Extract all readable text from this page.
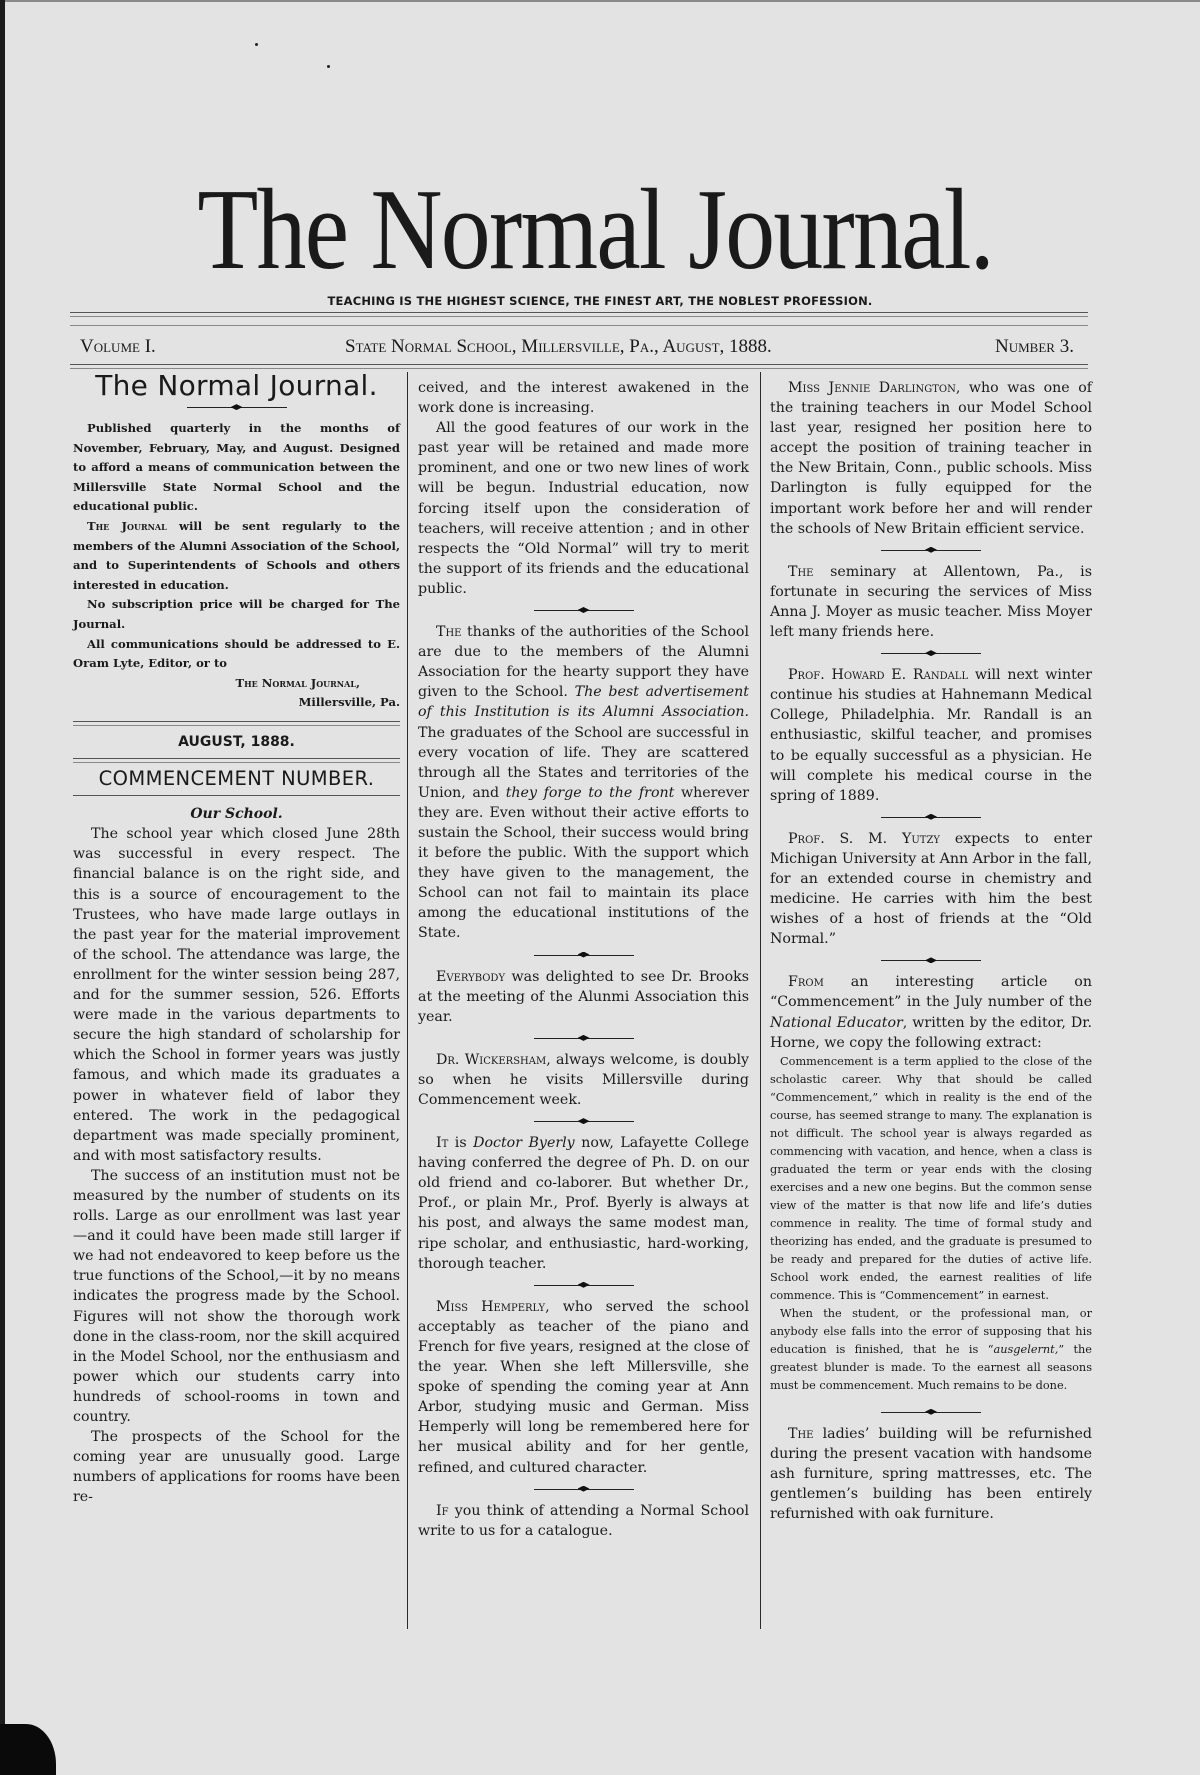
The Normal Journal.
TEACHING IS THE HIGHEST SCIENCE, THE FINEST ART, THE NOBLEST PROFESSION.
Volume I.	State Normal School, Millersville, Pa., August, 1888.	Number 3.
The Normal Journal.

Published quarterly in the months of November, February, May, and August. Designed to afford a means of communication between the Millersville State Normal School and the educational public.

The Journal will be sent regularly to the members of the Alumni Association of the School, and to Superintendents of Schools and others interested in education.

No subscription price will be charged for The Journal.

All communications should be addressed to E. Oram Lyte, Editor, or to

The Normal Journal,
Millersville, Pa.
AUGUST, 1888.
COMMENCEMENT NUMBER.
Our School.

The school year which closed June 28th was successful in every respect. The financial balance is on the right side, and this is a source of encouragement to the Trustees, who have made large outlays in the past year for the material improvement of the school. The attendance was large, the enrollment for the winter session being 287, and for the summer session, 526. Efforts were made in the various departments to secure the high standard of scholarship for which the School in former years was justly famous, and which made its graduates a power in whatever field of labor they entered. The work in the pedagogical department was made specially prominent, and with most satisfactory results.

The success of an institution must not be measured by the number of students on its rolls. Large as our enrollment was last year—and it could have been made still larger if we had not endeavored to keep before us the true functions of the School,—it by no means indicates the progress made by the School. Figures will not show the thorough work done in the class-room, nor the skill acquired in the Model School, nor the enthusiasm and power which our students carry into hundreds of school-rooms in town and country.

The prospects of the School for the coming year are unusually good. Large numbers of applications for rooms have been re-

ceived, and the interest awakened in the work done is increasing.

All the good features of our work in the past year will be retained and made more prominent, and one or two new lines of work will be begun. Industrial education, now forcing itself upon the consideration of teachers, will receive attention ; and in other respects the “Old Normal” will try to merit the support of its friends and the educational public.

The thanks of the authorities of the School are due to the members of the Alumni Association for the hearty support they have given to the School. The best advertisement of this Institution is its Alumni Association. The graduates of the School are successful in every vocation of life. They are scattered through all the States and territories of the Union, and they forge to the front wherever they are. Even without their active efforts to sustain the School, their success would bring it before the public. With the support which they have given to the management, the School can not fail to maintain its place among the educational institutions of the State.

Everybody was delighted to see Dr. Brooks at the meeting of the Alunmi Association this year.

Dr. Wickersham, always welcome, is doubly so when he visits Millersville during Commencement week.

It is Doctor Byerly now, Lafayette College having conferred the degree of Ph. D. on our old friend and co-laborer. But whether Dr., Prof., or plain Mr., Prof. Byerly is always at his post, and always the same modest man, ripe scholar, and enthusiastic, hard-working, thorough teacher.

Miss Hemperly, who served the school acceptably as teacher of the piano and French for five years, resigned at the close of the year. When she left Millersville, she spoke of spending the coming year at Ann Arbor, studying music and German. Miss Hemperly will long be remembered here for her musical ability and for her gentle, refined, and cultured character.

If you think of attending a Normal School write to us for a catalogue.

Miss Jennie Darlington, who was one of the training teachers in our Model School last year, resigned her position here to accept the position of training teacher in the New Britain, Conn., public schools. Miss Darlington is fully equipped for the important work before her and will render the schools of New Britain efficient service.

The seminary at Allentown, Pa., is fortunate in securing the services of Miss Anna J. Moyer as music teacher. Miss Moyer left many friends here.

Prof. Howard E. Randall will next winter continue his studies at Hahnemann Medical College, Philadelphia. Mr. Randall is an enthusiastic, skilful teacher, and promises to be equally successful as a physician. He will complete his medical course in the spring of 1889.

Prof. S. M. Yutzy expects to enter Michigan University at Ann Arbor in the fall, for an extended course in chemistry and medicine. He carries with him the best wishes of a host of friends at the “Old Normal.”

From an interesting article on “Commencement” in the July number of the National Educator, written by the editor, Dr. Horne, we copy the following extract:

Commencement is a term applied to the close of the scholastic career. Why that should be called “Commencement,” which in reality is the end of the course, has seemed strange to many. The explanation is not difficult. The school year is always regarded as commencing with vacation, and hence, when a class is graduated the term or year ends with the closing exercises and a new one begins. But the common sense view of the matter is that now life and life’s duties commence in reality. The time of formal study and theorizing has ended, and the graduate is presumed to be ready and prepared for the duties of active life. School work ended, the earnest realities of life commence. This is “Commencement” in earnest.

When the student, or the professional man, or anybody else falls into the error of supposing that his education is finished, that he is “ausgelernt,” the greatest blunder is made. To the earnest all seasons must be commencement. Much remains to be done.

The ladies’ building will be refurnished during the present vacation with handsome ash furniture, spring mattresses, etc. The gentlemen’s building has been entirely refurnished with oak furniture.
